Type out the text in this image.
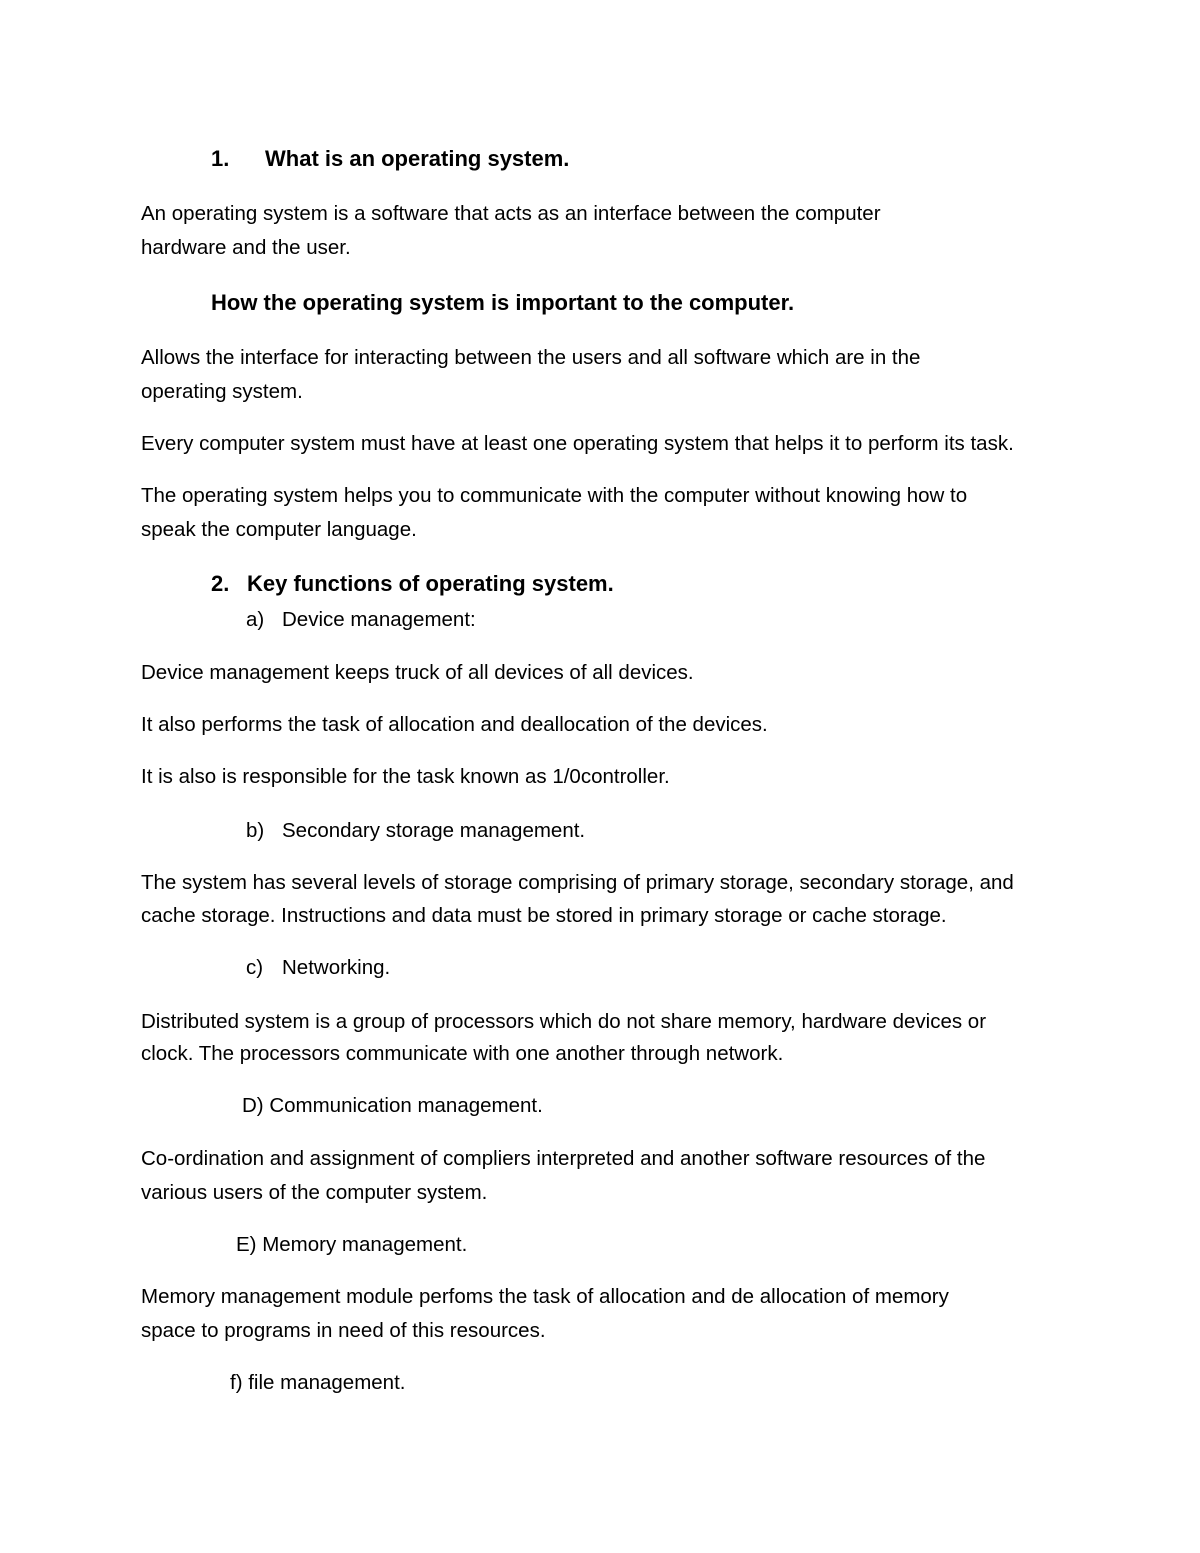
1. What is an operating system.
An operating system is a software that acts as an interface between the computer
hardware and the user.
How the operating system is important to the computer.
Allows the interface for interacting between the users and all software which are in the
operating system.
Every computer system must have at least one operating system that helps it to perform its task.
The operating system helps you to communicate with the computer without knowing how to
speak the computer language.
2. Key functions of operating system.
a) Device management:
Device management keeps truck of all devices of all devices.
It also performs the task of allocation and deallocation of the devices.
It is also is responsible for the task known as 1/0controller.
b) Secondary storage management.
The system has several levels of storage comprising of primary storage, secondary storage, and
cache storage. Instructions and data must be stored in primary storage or cache storage.
c) Networking.
Distributed system is a group of processors which do not share memory, hardware devices or
clock. The processors communicate with one another through network.
D) Communication management.
Co-ordination and assignment of compliers interpreted and another software resources of the
various users of the computer system.
E) Memory management.
Memory management module perfoms the task of allocation and de allocation of memory
space to programs in need of this resources.
f) file management.
